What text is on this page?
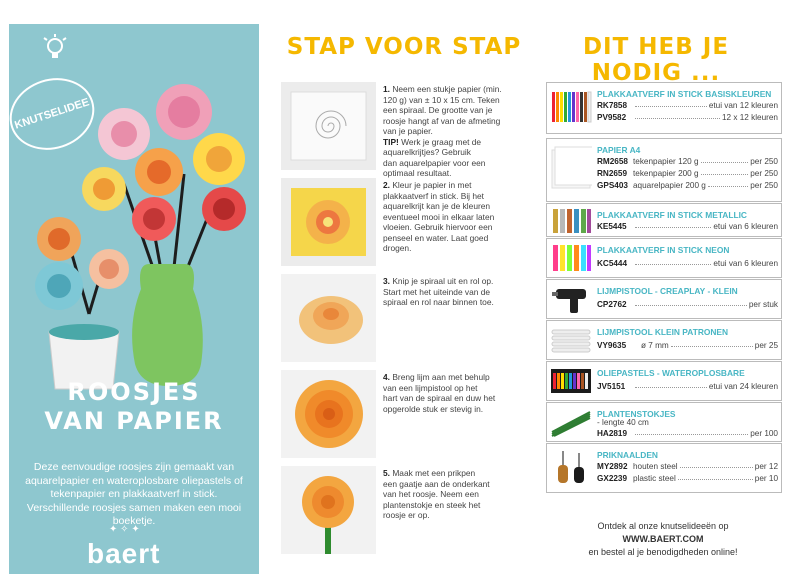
KNUTSELIDEE
ROOSJES
VAN PAPIER
Deze eenvoudige roosjes zijn gemaakt van aquarelpapier en wateroplosbare oliepastels of tekenpapier en plakkaatverf in stick. Verschillende roosjes samen maken een mooi boeketje.
✦ ✧ ✦
baert
STAP VOOR STAP
1. Neem een stukje papier (min.
120 g) van ± 10 x 15 cm. Teken
een spiraal. De grootte van je
roosje hangt af van de afmeting
van je papier.
TIP! Werk je graag met de
aquarelkrijtjes? Gebruik
dan aquarelpapier voor een
optimaal resultaat.
2. Kleur je papier in met
plakkaatverf in stick. Bij het
aquarelkrijt kan je de kleuren
eventueel mooi in elkaar laten
vloeien. Gebruik hiervoor een
penseel en water. Laat goed
drogen.
3. Knip je spiraal uit en rol op.
Start met het uiteinde van de
spiraal en rol naar binnen toe.
4. Breng lijm aan met behulp
van een lijmpistool op het
hart van de spiraal en duw het
opgerolde stuk er stevig in.
5. Maak met een prikpen
een gaatje aan de onderkant
van het roosje. Neem een
plantenstokje en steek het
roosje er op.
DIT HEB JE NODIG ...
PLAKKAATVERF IN STICK BASISKLEUREN
RK7858	etui van 12 kleuren
PV9582	12 x 12 kleuren
PAPIER A4
RM2658 tekenpapier 120 g	per 250
RN2659 tekenpapier 200 g	per 250
GPS403 aquarelpapier 200 g	per 250
PLAKKAATVERF IN STICK METALLIC
KE5445	etui van 6 kleuren
PLAKKAATVERF IN STICK NEON
KC5444	etui van 6 kleuren
LIJMPISTOOL - CREAPLAY - KLEIN
CP2762	per stuk
LIJMPISTOOL KLEIN PATRONEN
VY9635	ø 7 mm	per 25
OLIEPASTELS - WATEROPLOSBARE
JV5151	etui van 24 kleuren
PLANTENSTOKJES
- lengte 40 cm
HA2819	per 100
PRIKNAALDEN
MY2892 houten steel	per 12
GX2239 plastic steel	per 10
Ontdek al onze knutselideeën op
WWW.BAERT.COM
en bestel al je benodigdheden online!
